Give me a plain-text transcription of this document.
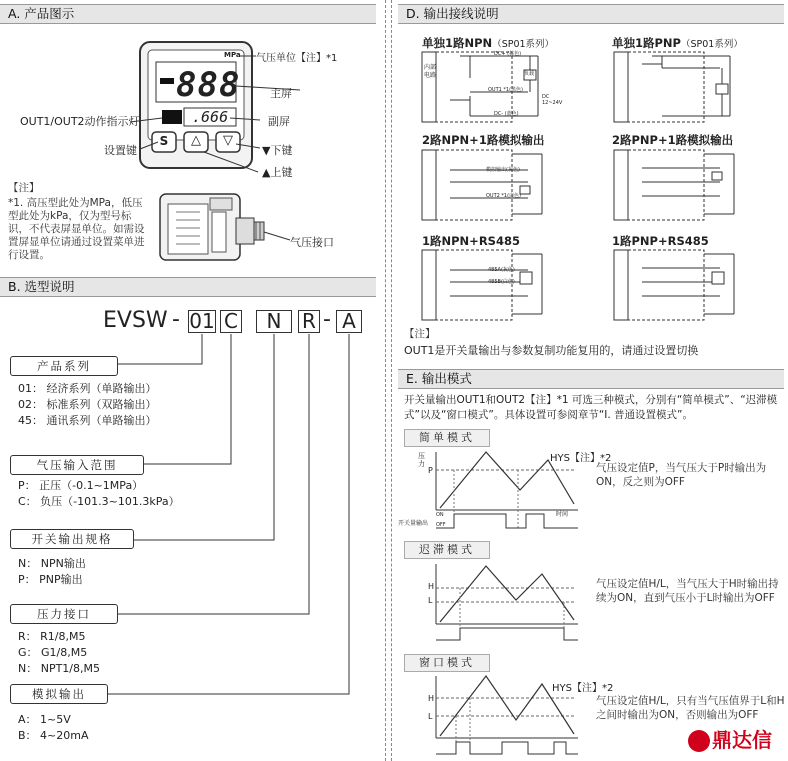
A. 产品图示
MPa
888
.666
S	△	▽
气压单位【注】*1
主屏
OUT1/OUT2动作指示灯	副屏
设置键	▼下键
▲上键
气压接口
【注】
*1. 高压型此处为MPa，低压型此处为kPa，仅为型号标识，不代表屏显单位。如需设置屏显单位请通过设置菜单进行设置。
B. 选型说明
EVSW - 01 C	N	R - A
产品系列
01： 经济系列（单路输出）
02： 标准系列（双路输出）
45： 通讯系列（单路输出）
气压输入范围
P： 正压（-0.1~1MPa）
C： 负压（-101.3~101.3kPa）
开关输出规格
N： NPN输出
P： PNP输出
压力接口
R： R1/8,M5
G： G1/8,M5
N： NPT1/8,M5
模拟输出
A： 1~5V
B： 4~20mA
D. 输出接线说明
单独1路NPN（SP01系列）	单独1路PNP（SP01系列）
2路NPN+1路模拟输出	2路PNP+1路模拟输出
1路NPN+RS485	1路PNP+RS485
内部电路
DC+ (棕色)
OUT1 *1(黑色)
DC- (蓝色)
负载
DC 12~24V
模拟输出(灰色)
OUT2 *1(白色)
485A(灰色)
485B(白色)
【注】
OUT1是开关量输出与参数复制功能复用的，请通过设置切换
E. 输出模式
开关量输出OUT1和OUT2【注】*1 可选三种模式，分别有“简单模式”、“迟滞模式”以及“窗口模式”。具体设置可参阅章节“I. 普通设置模式”。
简单模式
压力
P
HYS【注】*2
时间
开关量输出
ON
OFF
气压设定值P，当气压大于P时输出为ON，反之则为OFF
迟滞模式
H
L
气压设定值H/L，当气压大于H时输出持续为ON，直到气压小于L时输出为OFF
窗口模式
H
L
HYS【注】*2
气压设定值H/L，只有当气压值界于L和H之间时输出为ON，否则输出为OFF
鼎达信
